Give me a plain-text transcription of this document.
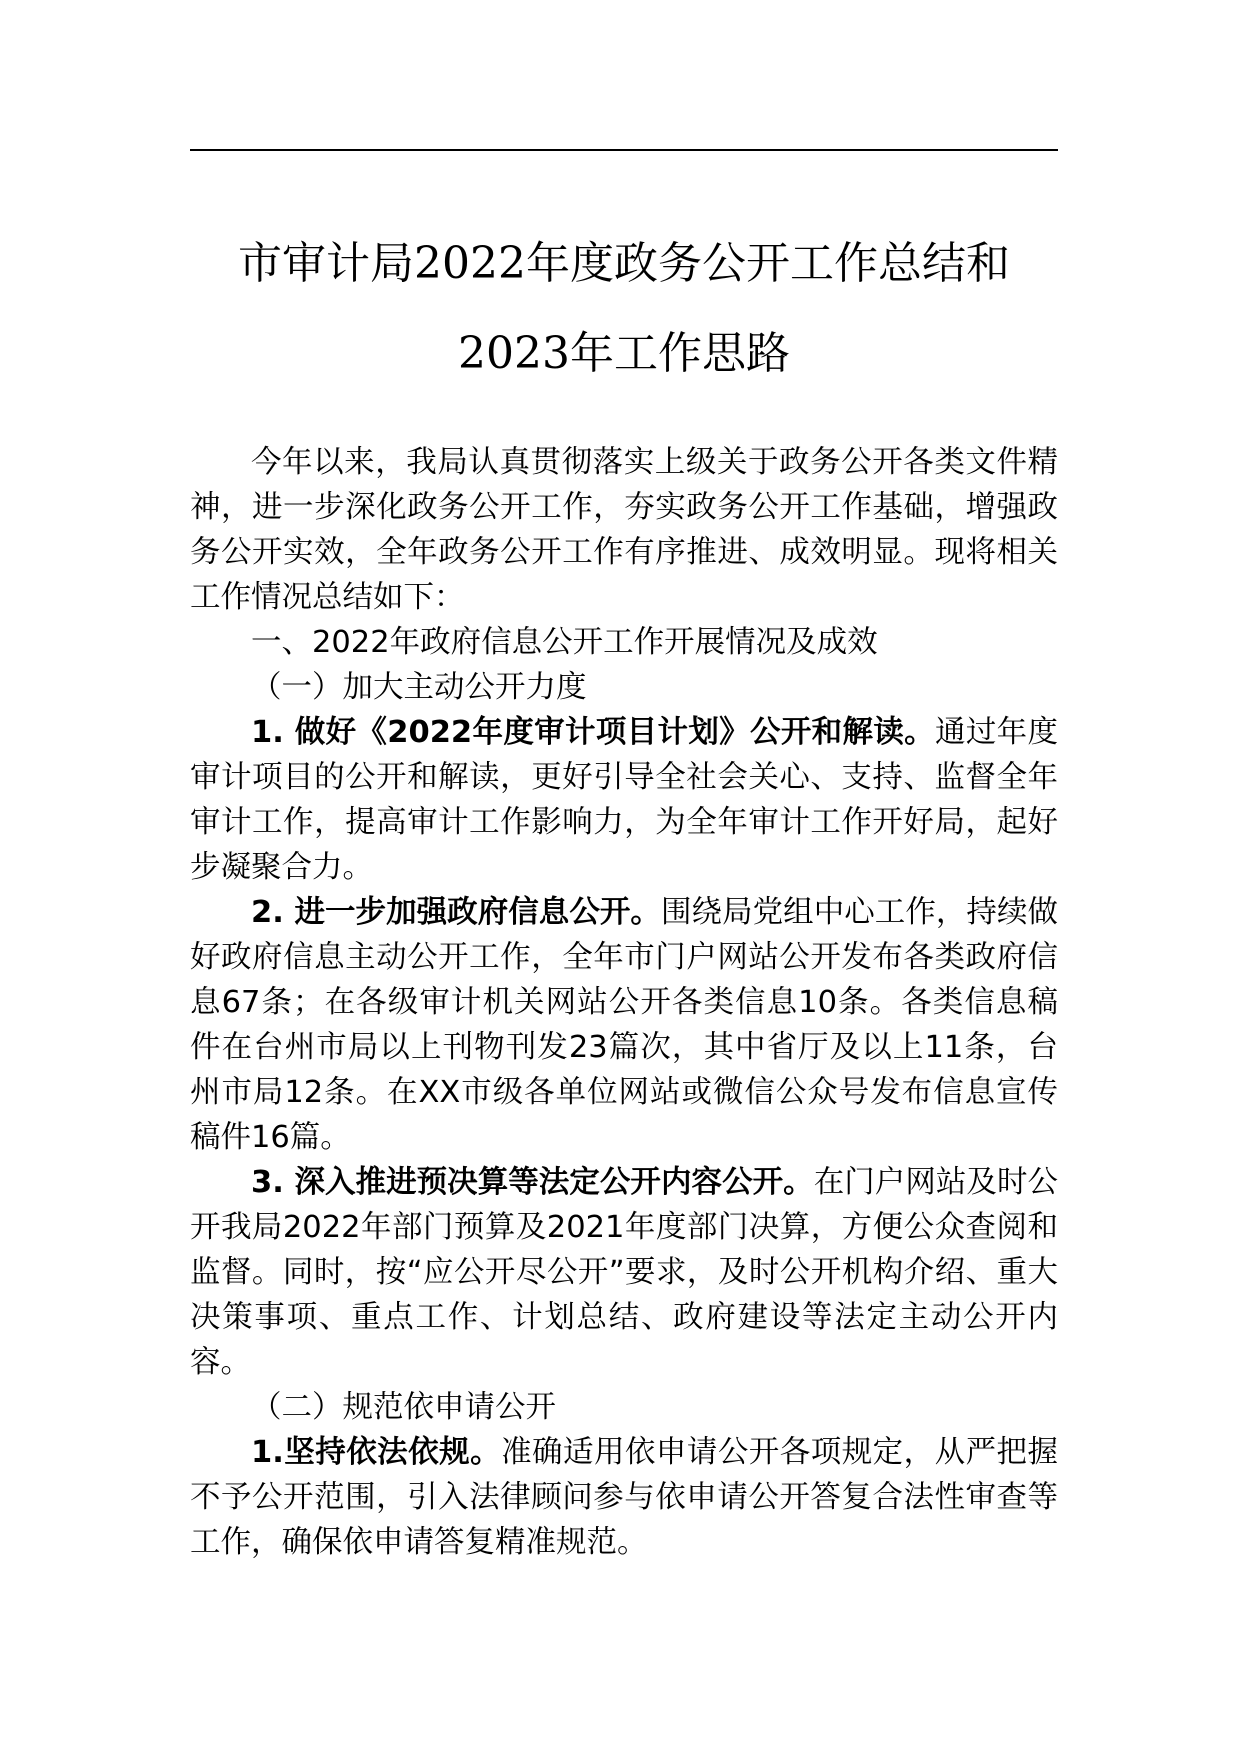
市审计局2022年度政务公开工作总结和
2023年工作思路

今年以来，我局认真贯彻落实上级关于政务公开各类文件精神，进一步深化政务公开工作，夯实政务公开工作基础，增强政务公开实效，全年政务公开工作有序推进、成效明显。现将相关工作情况总结如下：

一、2022年政府信息公开工作开展情况及成效

（一）加大主动公开力度

1. 做好《2022年度审计项目计划》公开和解读。通过年度审计项目的公开和解读，更好引导全社会关心、支持、监督全年审计工作，提高审计工作影响力，为全年审计工作开好局，起好步凝聚合力。

2. 进一步加强政府信息公开。围绕局党组中心工作，持续做好政府信息主动公开工作，全年市门户网站公开发布各类政府信息67条；在各级审计机关网站公开各类信息10条。各类信息稿件在台州市局以上刊物刊发23篇次，其中省厅及以上11条，台州市局12条。在XX市级各单位网站或微信公众号发布信息宣传稿件16篇。

3. 深入推进预决算等法定公开内容公开。在门户网站及时公开我局2022年部门预算及2021年度部门决算，方便公众查阅和监督。同时，按“应公开尽公开”要求，及时公开机构介绍、重大决策事项、重点工作、计划总结、政府建设等法定主动公开内容。

（二）规范依申请公开

1.坚持依法依规。准确适用依申请公开各项规定，从严把握不予公开范围，引入法律顾问参与依申请公开答复合法性审查等工作，确保依申请答复精准规范。
